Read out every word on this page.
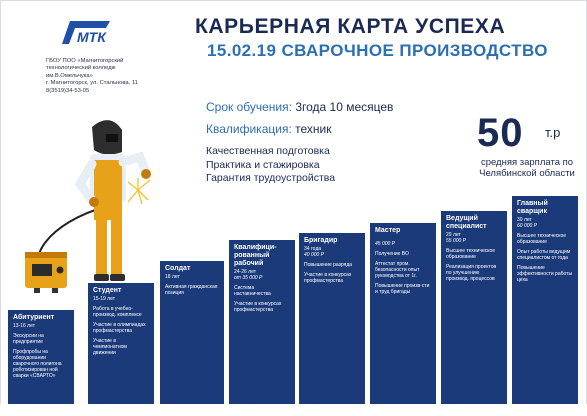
МТК
ГБОУ ПОО «Магнитогорский
технологический колледж
им.В.Омельчука»
г. Магнитогорск, ул. Стальнова, 11
8(3519)34-53-05
КАРЬЕРНАЯ КАРТА УСПЕХА
15.02.19 СВАРОЧНОЕ ПРОИЗВОДСТВО
Срок обучения: 3года 10 месяцев
Квалификация: техник
Качественная подготовка
Практика и стажировка
Гарантия трудоустройства
50 т.р
средняя зарплата по Челябинской области
Абитуриент
13-16 лет
Экскурсии на предприятие
Профпробы на оборудовании сварочного полигона роботизирован ной сварки «СВАРТО»
Студент
15-19 лет
Работа в учебно-производ. комплексе
Участие в олимпиадах профмастерства
Участие в чемпионатном движении
Солдат
18 лет
Активная гражданская позиция
Квалифици-рованный рабочий
24-26 лет
от 35 000 Р
Система наставничества
Участие в конкурсах профмастерства
Бригадир
34 года
40 000 Р
Повышение разряда
Участие в конкурсах профмастерства
Мастер
45 000 Р
Получение ВО
Аттестат пром. безопасности опыт руководства от 1г.
Повышение произв-сти и труд бригады
Ведущий специалист
29 лет
55 000 Р
Высшее техническое образование
Реализация проектов по улучшению производ. процессов
Главный сварщик
30 лет
60 000 Р
Высшее техническое образование
Опыт работы ведущим специалистом от года
Повышение эффективности работы цеха
